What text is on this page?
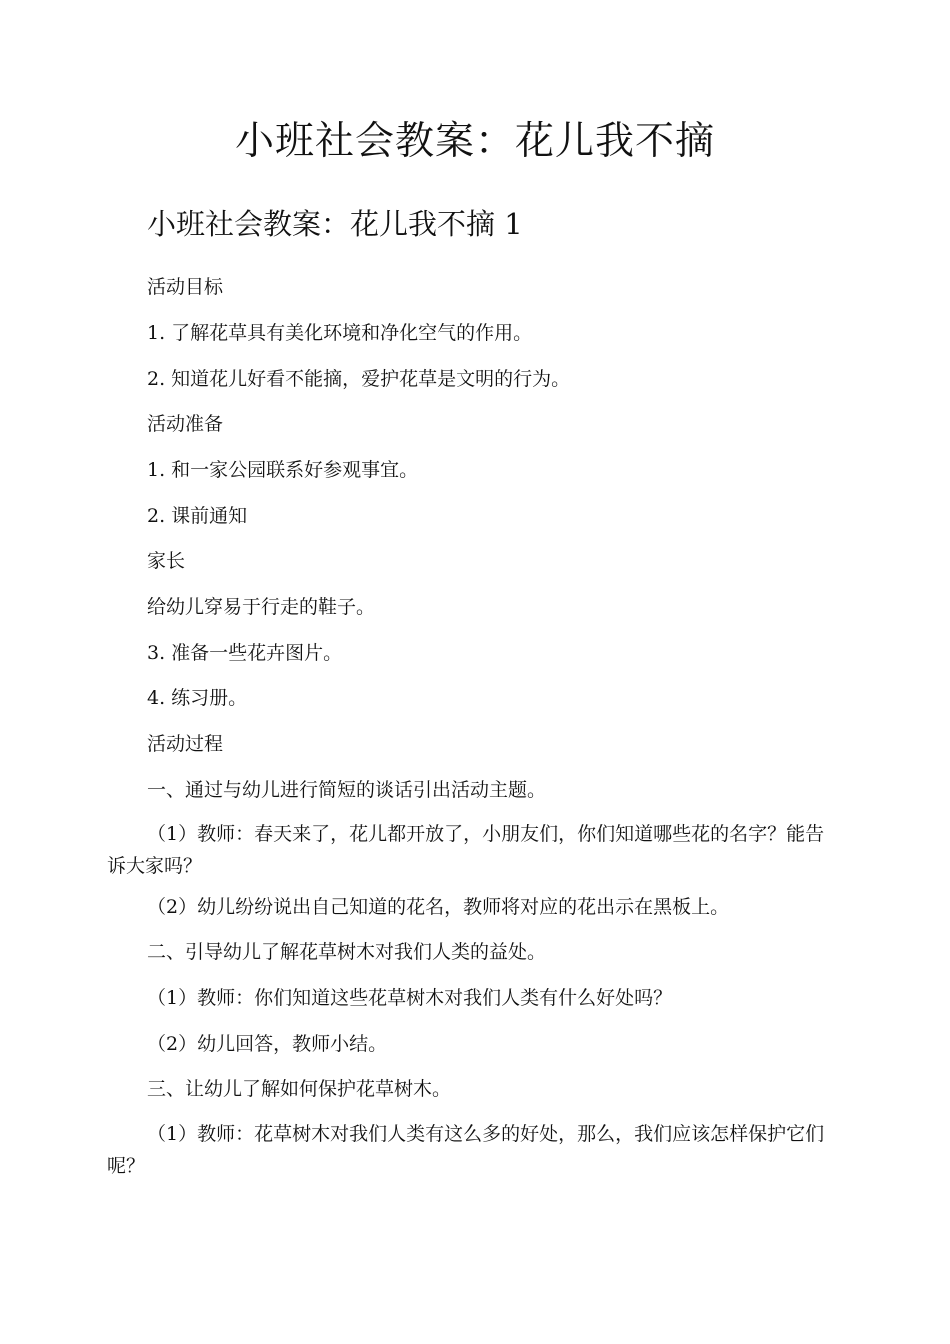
小班社会教案：花儿我不摘
小班社会教案：花儿我不摘 1

活动目标

1. 了解花草具有美化环境和净化空气的作用。

2. 知道花儿好看不能摘，爱护花草是文明的行为。

活动准备

1. 和一家公园联系好参观事宜。

2. 课前通知

家长

给幼儿穿易于行走的鞋子。

3. 准备一些花卉图片。

4. 练习册。

活动过程

一、通过与幼儿进行简短的谈话引出活动主题。

（1）教师：春天来了，花儿都开放了，小朋友们，你们知道哪些花的名字？能告诉大家吗？

（2）幼儿纷纷说出自己知道的花名，教师将对应的花出示在黑板上。

二、引导幼儿了解花草树木对我们人类的益处。

（1）教师：你们知道这些花草树木对我们人类有什么好处吗？

（2）幼儿回答，教师小结。

三、让幼儿了解如何保护花草树木。

（1）教师：花草树木对我们人类有这么多的好处，那么，我们应该怎样保护它们呢？
